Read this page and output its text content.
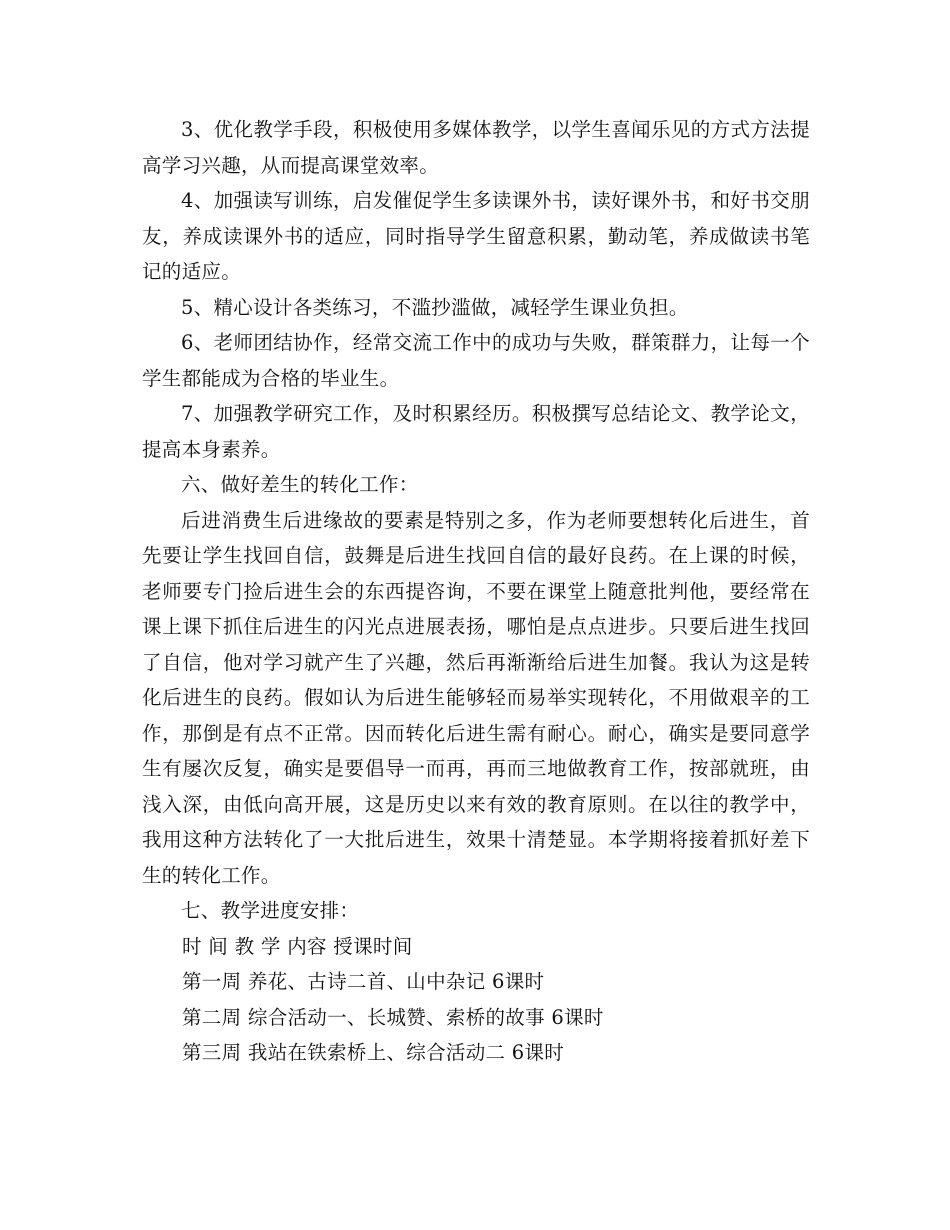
3、优化教学手段，积极使用多媒体教学，以学生喜闻乐见的方式方法提高学习兴趣，从而提高课堂效率。

4、加强读写训练，启发催促学生多读课外书，读好课外书，和好书交朋友，养成读课外书的适应，同时指导学生留意积累，勤动笔，养成做读书笔记的适应。

5、精心设计各类练习，不滥抄滥做，减轻学生课业负担。

6、老师团结协作，经常交流工作中的成功与失败，群策群力，让每一个学生都能成为合格的毕业生。

7、加强教学研究工作，及时积累经历。积极撰写总结论文、教学论文，提高本身素养。

六、做好差生的转化工作：

后进消费生后进缘故的要素是特别之多，作为老师要想转化后进生，首先要让学生找回自信，鼓舞是后进生找回自信的最好良药。在上课的时候，老师要专门捡后进生会的东西提咨询，不要在课堂上随意批判他，要经常在课上课下抓住后进生的闪光点进展表扬，哪怕是点点进步。只要后进生找回了自信，他对学习就产生了兴趣，然后再渐渐给后进生加餐。我认为这是转化后进生的良药。假如认为后进生能够轻而易举实现转化，不用做艰辛的工作，那倒是有点不正常。因而转化后进生需有耐心。耐心，确实是要同意学生有屡次反复，确实是要倡导一而再，再而三地做教育工作，按部就班，由浅入深，由低向高开展，这是历史以来有效的教育原则。在以往的教学中，我用这种方法转化了一大批后进生，效果十清楚显。本学期将接着抓好差下生的转化工作。

七、教学进度安排：

时 间 教 学 内容 授课时间

第一周 养花、古诗二首、山中杂记 6课时

第二周 综合活动一、长城赞、索桥的故事 6课时

第三周 我站在铁索桥上、综合活动二 6课时
